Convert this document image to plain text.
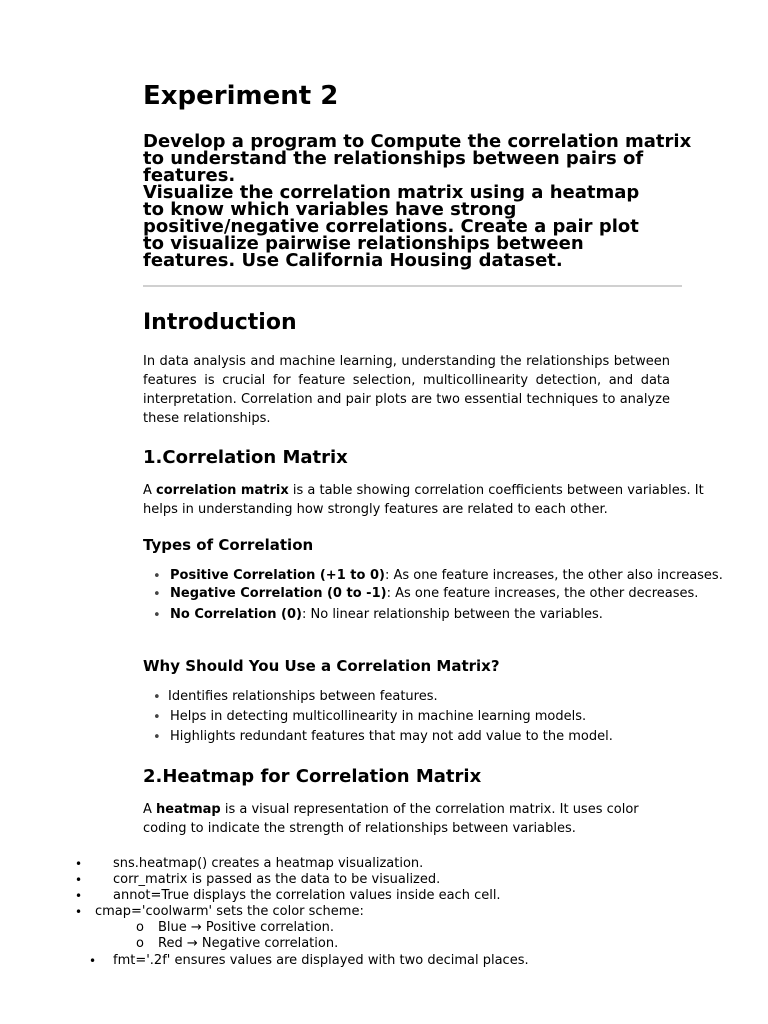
Experiment 2
Develop a program to Compute the correlation matrix
to understand the relationships between pairs of
features.
Visualize the correlation matrix using a heatmap
to know which variables have strong
positive/negative correlations. Create a pair plot
to visualize pairwise relationships between
features. Use California Housing dataset.
Introduction

In data analysis and machine learning, understanding the relationships between features is crucial for feature selection, multicollinearity detection, and data interpretation. Correlation and pair plots are two essential techniques to analyze these relationships.

1.Correlation Matrix

A correlation matrix is a table showing correlation coefficients between variables. It helps in understanding how strongly features are related to each other.

Types of Correlation
• Positive Correlation (+1 to 0): As one feature increases, the other also increases.
• Negative Correlation (0 to -1): As one feature increases, the other decreases.
• No Correlation (0): No linear relationship between the variables.
Why Should You Use a Correlation Matrix?
• Identifies relationships between features.
• Helps in detecting multicollinearity in machine learning models.
• Highlights redundant features that may not add value to the model.
2.Heatmap for Correlation Matrix

A heatmap is a visual representation of the correlation matrix. It uses color coding to indicate the strength of relationships between variables.

• sns.heatmap() creates a heatmap visualization.

• corr_matrix is passed as the data to be visualized.

• annot=True displays the correlation values inside each cell.

• cmap='coolwarm' sets the color scheme:

o Blue → Positive correlation.

o Red → Negative correlation.

• fmt='.2f' ensures values are displayed with two decimal places.
